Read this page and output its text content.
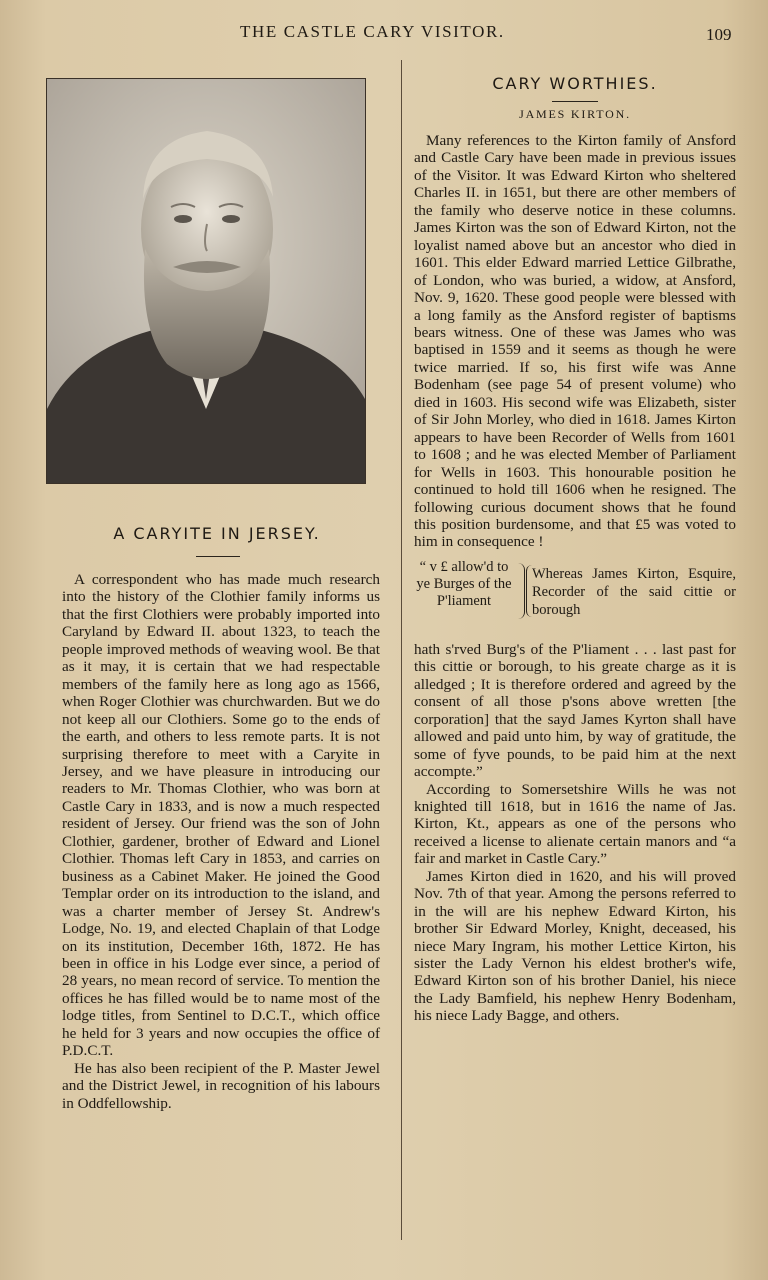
THE CASTLE CARY VISITOR.	109
A CARYITE IN JERSEY.

A correspondent who has made much research into the history of the Clothier family informs us that the first Clothiers were probably imported into Caryland by Edward II. about 1323, to teach the people improved methods of weaving wool. Be that as it may, it is certain that we had respectable members of the family here as long ago as 1566, when Roger Clothier was churchwarden. But we do not keep all our Clothiers. Some go to the ends of the earth, and others to less remote parts. It is not surprising therefore to meet with a Caryite in Jersey, and we have pleasure in introducing our readers to Mr. Thomas Clothier, who was born at Castle Cary in 1833, and is now a much respected resident of Jersey. Our friend was the son of John Clothier, gardener, brother of Edward and Lionel Clothier. Thomas left Cary in 1853, and carries on business as a Cabinet Maker. He joined the Good Templar order on its introduction to the island, and was a charter member of Jersey St. Andrew's Lodge, No. 19, and elected Chaplain of that Lodge on its institution, December 16th, 1872. He has been in office in his Lodge ever since, a period of 28 years, no mean record of service. To mention the offices he has filled would be to name most of the lodge titles, from Sentinel to D.C.T., which office he held for 3 years and now occupies the office of P.D.C.T.

He has also been recipient of the P. Master Jewel and the District Jewel, in recognition of his labours in Oddfellowship.

CARY WORTHIES.
JAMES KIRTON.

Many references to the Kirton family of Ansford and Castle Cary have been made in previous issues of the Visitor. It was Edward Kirton who sheltered Charles II. in 1651, but there are other members of the family who deserve notice in these columns. James Kirton was the son of Edward Kirton, not the loyalist named above but an ancestor who died in 1601. This elder Edward married Lettice Gilbrathe, of London, who was buried, a widow, at Ansford, Nov. 9, 1620. These good people were blessed with a long family as the Ansford register of baptisms bears witness. One of these was James who was baptised in 1559 and it seems as though he were twice married. If so, his first wife was Anne Bodenham (see page 54 of present volume) who died in 1603. His second wife was Elizabeth, sister of Sir John Morley, who died in 1618. James Kirton appears to have been Recorder of Wells from 1601 to 1608 ; and he was elected Member of Parliament for Wells in 1603. This honourable position he continued to hold till 1606 when he resigned. The following curious document shows that he found this position burdensome, and that £5 was voted to him in consequence !

“ v £ allow'd to ye Burges of the P'liament
Whereas James Kirton, Esquire, Recorder of the said cittie or borough

hath s'rved Burg's of the P'liament . . . last past for this cittie or borough, to his greate charge as it is alledged ; It is therefore ordered and agreed by the consent of all those p'sons above wretten [the corporation] that the sayd James Kyrton shall have allowed and paid unto him, by way of gratitude, the some of fyve pounds, to be paid him at the next accompte.”

According to Somersetshire Wills he was not knighted till 1618, but in 1616 the name of Jas. Kirton, Kt., appears as one of the persons who received a license to alienate certain manors and “a fair and market in Castle Cary.”

James Kirton died in 1620, and his will proved Nov. 7th of that year. Among the persons referred to in the will are his nephew Edward Kirton, his brother Sir Edward Morley, Knight, deceased, his niece Mary Ingram, his mother Lettice Kirton, his sister the Lady Vernon his eldest brother's wife, Edward Kirton son of his brother Daniel, his niece the Lady Bamfield, his nephew Henry Bodenham, his niece Lady Bagge, and others.
